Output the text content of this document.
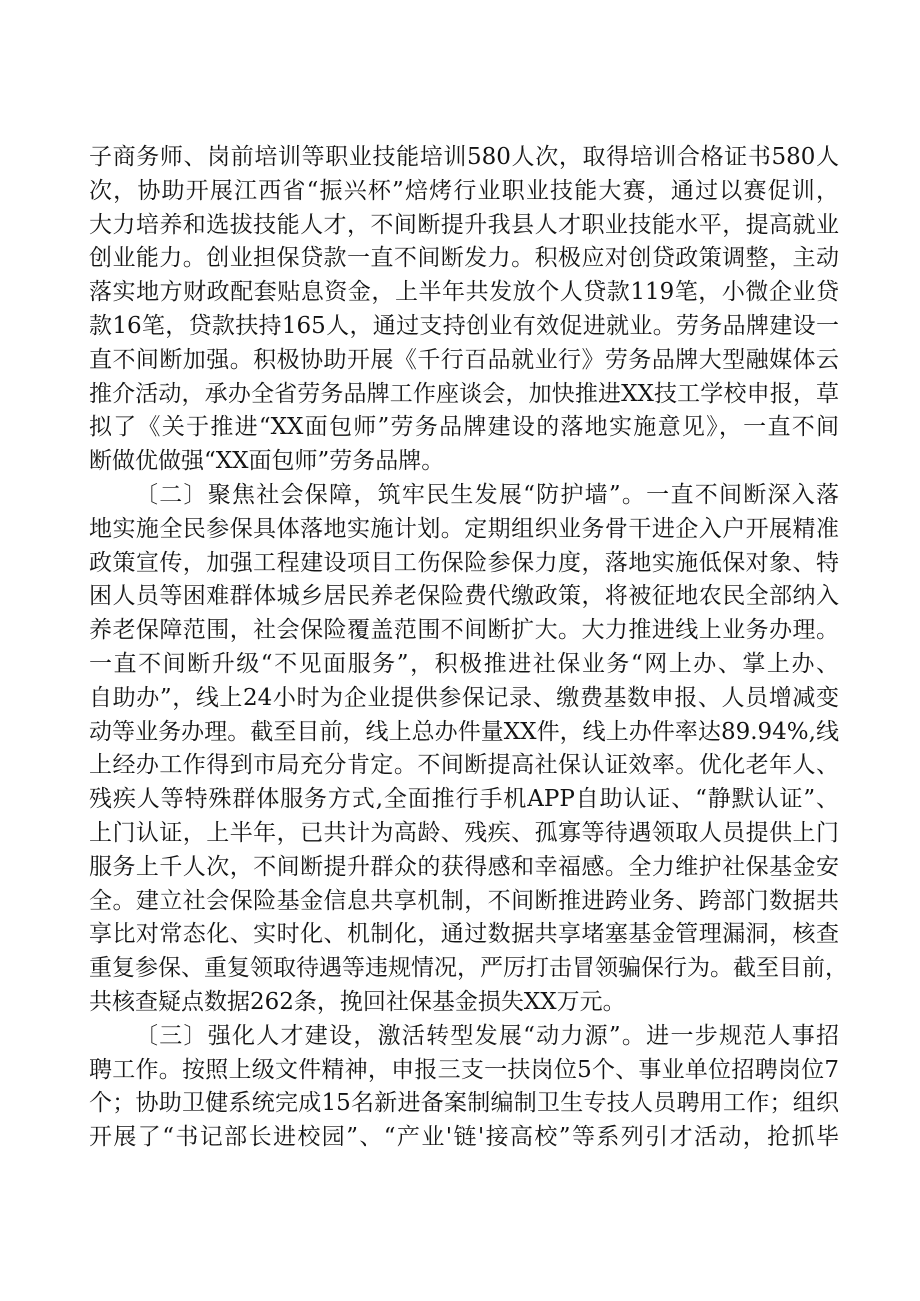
子商务师、岗前培训等职业技能培训580人次，取得培训合格证书580人
次，协助开展江西省“振兴杯”焙烤行业职业技能大赛，通过以赛促训，
大力培养和选拔技能人才，不间断提升我县人才职业技能水平，提高就业
创业能力。创业担保贷款一直不间断发力。积极应对创贷政策调整，主动
落实地方财政配套贴息资金，上半年共发放个人贷款119笔，小微企业贷
款16笔，贷款扶持165人，通过支持创业有效促进就业。劳务品牌建设一
直不间断加强。积极协助开展《千行百品就业行》劳务品牌大型融媒体云
推介活动，承办全省劳务品牌工作座谈会，加快推进XX技工学校申报，草
拟了《关于推进“XX面包师”劳务品牌建设的落地实施意见》，一直不间
断做优做强“XX面包师”劳务品牌。
〔二〕聚焦社会保障，筑牢民生发展“防护墙”。一直不间断深入落
地实施全民参保具体落地实施计划。定期组织业务骨干进企入户开展精准
政策宣传，加强工程建设项目工伤保险参保力度，落地实施低保对象、特
困人员等困难群体城乡居民养老保险费代缴政策，将被征地农民全部纳入
养老保障范围，社会保险覆盖范围不间断扩大。大力推进线上业务办理。
一直不间断升级“不见面服务”，积极推进社保业务“网上办、掌上办、
自助办”，线上24小时为企业提供参保记录、缴费基数申报、人员增减变
动等业务办理。截至目前，线上总办件量XX件，线上办件率达89.94%,线
上经办工作得到市局充分肯定。不间断提高社保认证效率。优化老年人、
残疾人等特殊群体服务方式,全面推行手机APP自助认证、“静默认证”、
上门认证，上半年，已共计为高龄、残疾、孤寡等待遇领取人员提供上门
服务上千人次，不间断提升群众的获得感和幸福感。全力维护社保基金安
全。建立社会保险基金信息共享机制，不间断推进跨业务、跨部门数据共
享比对常态化、实时化、机制化，通过数据共享堵塞基金管理漏洞，核查
重复参保、重复领取待遇等违规情况，严厉打击冒领骗保行为。截至目前，
共核查疑点数据262条，挽回社保基金损失XX万元。
〔三〕强化人才建设，激活转型发展“动力源”。进一步规范人事招
聘工作。按照上级文件精神，申报三支一扶岗位5个、事业单位招聘岗位7
个；协助卫健系统完成15名新进备案制编制卫生专技人员聘用工作；组织
开展了“书记部长进校园”、“产业'链'接高校”等系列引才活动，抢抓毕
